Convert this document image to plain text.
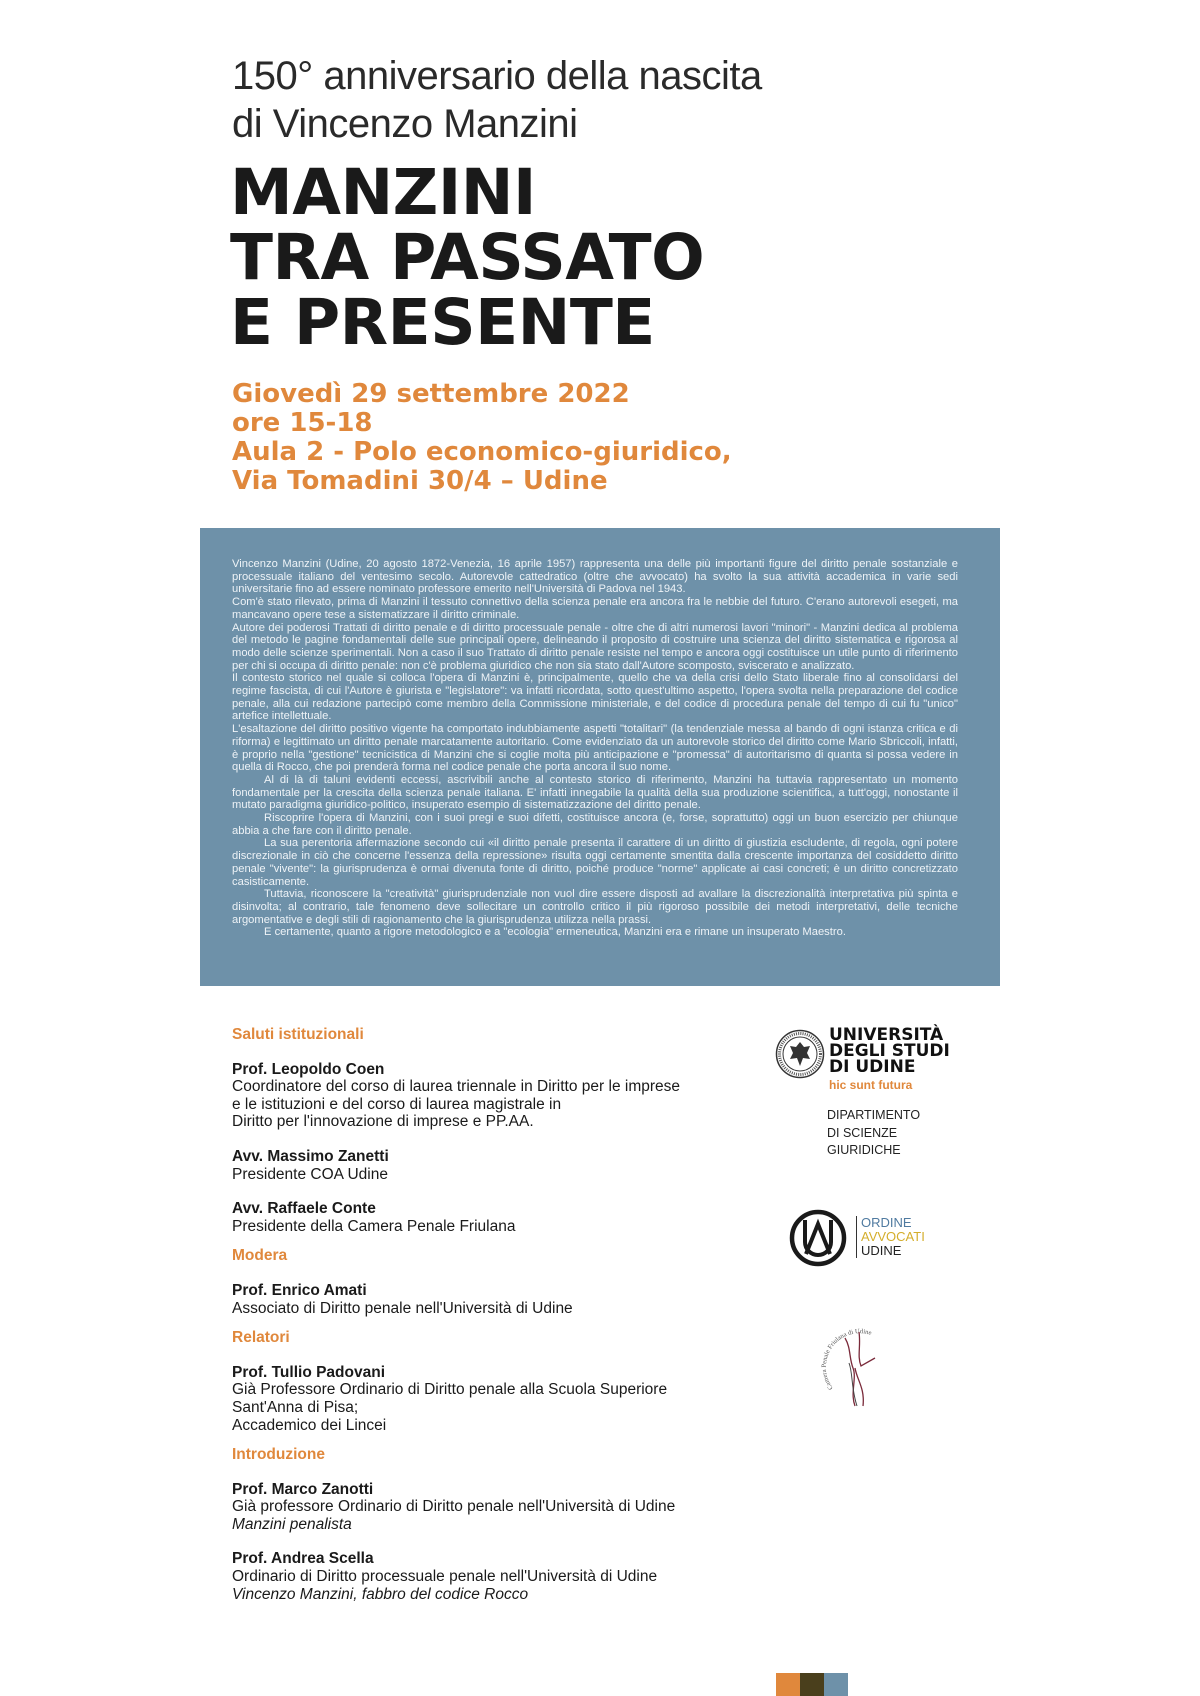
150° anniversario della nascita
di Vincenzo Manzini
MANZINI
TRA PASSATO
E PRESENTE
Giovedì 29 settembre 2022
ore 15-18
Aula 2 - Polo economico-giuridico,
Via Tomadini 30/4 – Udine

Vincenzo Manzini (Udine, 20 agosto 1872-Venezia, 16 aprile 1957) rappresenta una delle più importanti figure del diritto penale sostanziale e processuale italiano del ventesimo secolo. Autorevole cattedratico (oltre che avvocato) ha svolto la sua attività accademica in varie sedi universitarie fino ad essere nominato professore emerito nell'Università di Padova nel 1943.

Com'è stato rilevato, prima di Manzini il tessuto connettivo della scienza penale era ancora fra le nebbie del futuro. C'erano autorevoli esegeti, ma mancavano opere tese a sistematizzare il diritto criminale.

Autore dei poderosi Trattati di diritto penale e di diritto processuale penale - oltre che di altri numerosi lavori "minori" - Manzini dedica al problema del metodo le pagine fondamentali delle sue principali opere, delineando il proposito di costruire una scienza del diritto sistematica e rigorosa al modo delle scienze sperimentali. Non a caso il suo Trattato di diritto penale resiste nel tempo e ancora oggi costituisce un utile punto di riferimento per chi si occupa di diritto penale: non c'è problema giuridico che non sia stato dall'Autore scomposto, sviscerato e analizzato.

Il contesto storico nel quale si colloca l'opera di Manzini è, principalmente, quello che va della crisi dello Stato liberale fino al consolidarsi del regime fascista, di cui l'Autore è giurista e "legislatore": va infatti ricordata, sotto quest'ultimo aspetto, l'opera svolta nella preparazione del codice penale, alla cui redazione partecipò come membro della Commissione ministeriale, e del codice di procedura penale del tempo di cui fu "unico" artefice intellettuale.

L'esaltazione del diritto positivo vigente ha comportato indubbiamente aspetti "totalitari" (la tendenziale messa al bando di ogni istanza critica e di riforma) e legittimato un diritto penale marcatamente autoritario. Come evidenziato da un autorevole storico del diritto come Mario Sbriccoli, infatti, è proprio nella "gestione" tecnicistica di Manzini che si coglie molta più anticipazione e "promessa" di autoritarismo di quanta si possa vedere in quella di Rocco, che poi prenderà forma nel codice penale che porta ancora il suo nome.

Al di là di taluni evidenti eccessi, ascrivibili anche al contesto storico di riferimento, Manzini ha tuttavia rappresentato un momento fondamentale per la crescita della scienza penale italiana. E' infatti innegabile la qualità della sua produzione scientifica, a tutt'oggi, nonostante il mutato paradigma giuridico-politico, insuperato esempio di sistematizzazione del diritto penale.

Riscoprire l'opera di Manzini, con i suoi pregi e suoi difetti, costituisce ancora (e, forse, soprattutto) oggi un buon esercizio per chiunque abbia a che fare con il diritto penale.

La sua perentoria affermazione secondo cui «il diritto penale presenta il carattere di un diritto di giustizia escludente, di regola, ogni potere discrezionale in ciò che concerne l'essenza della repressione» risulta oggi certamente smentita dalla crescente importanza del cosiddetto diritto penale "vivente": la giurisprudenza è ormai divenuta fonte di diritto, poiché produce "norme" applicate ai casi concreti; è un diritto concretizzato casisticamente.

Tuttavia, riconoscere la "creatività" giurisprudenziale non vuol dire essere disposti ad avallare la discrezionalità interpretativa più spinta e disinvolta; al contrario, tale fenomeno deve sollecitare un controllo critico il più rigoroso possibile dei metodi interpretativi, delle tecniche argomentative e degli stili di ragionamento che la giurisprudenza utilizza nella prassi.

E certamente, quanto a rigore metodologico e a "ecologia" ermeneutica, Manzini era e rimane un insuperato Maestro.

Saluti istituzionali
Prof. Leopoldo Coen
Coordinatore del corso di laurea triennale in Diritto per le imprese
e le istituzioni e del corso di laurea magistrale in
Diritto per l'innovazione di imprese e PP.AA.
Avv. Massimo Zanetti
Presidente COA Udine
Avv. Raffaele Conte
Presidente della Camera Penale Friulana
Modera
Prof. Enrico Amati
Associato di Diritto penale nell'Università di Udine
Relatori
Prof. Tullio Padovani
Già Professore Ordinario di Diritto penale alla Scuola Superiore
Sant'Anna di Pisa;
Accademico dei Lincei
Introduzione
Prof. Marco Zanotti
Già professore Ordinario di Diritto penale nell'Università di Udine
Manzini penalista
Prof. Andrea Scella
Ordinario di Diritto processuale penale nell'Università di Udine
Vincenzo Manzini, fabbro del codice Rocco
UNIVERSITÀ
DEGLI STUDI
DI UDINE
hic sunt futura
DIPARTIMENTO
DI SCIENZE
GIURIDICHE
ORDINE
AVVOCATI
UDINE
Camera Penale Friulana di Udine
